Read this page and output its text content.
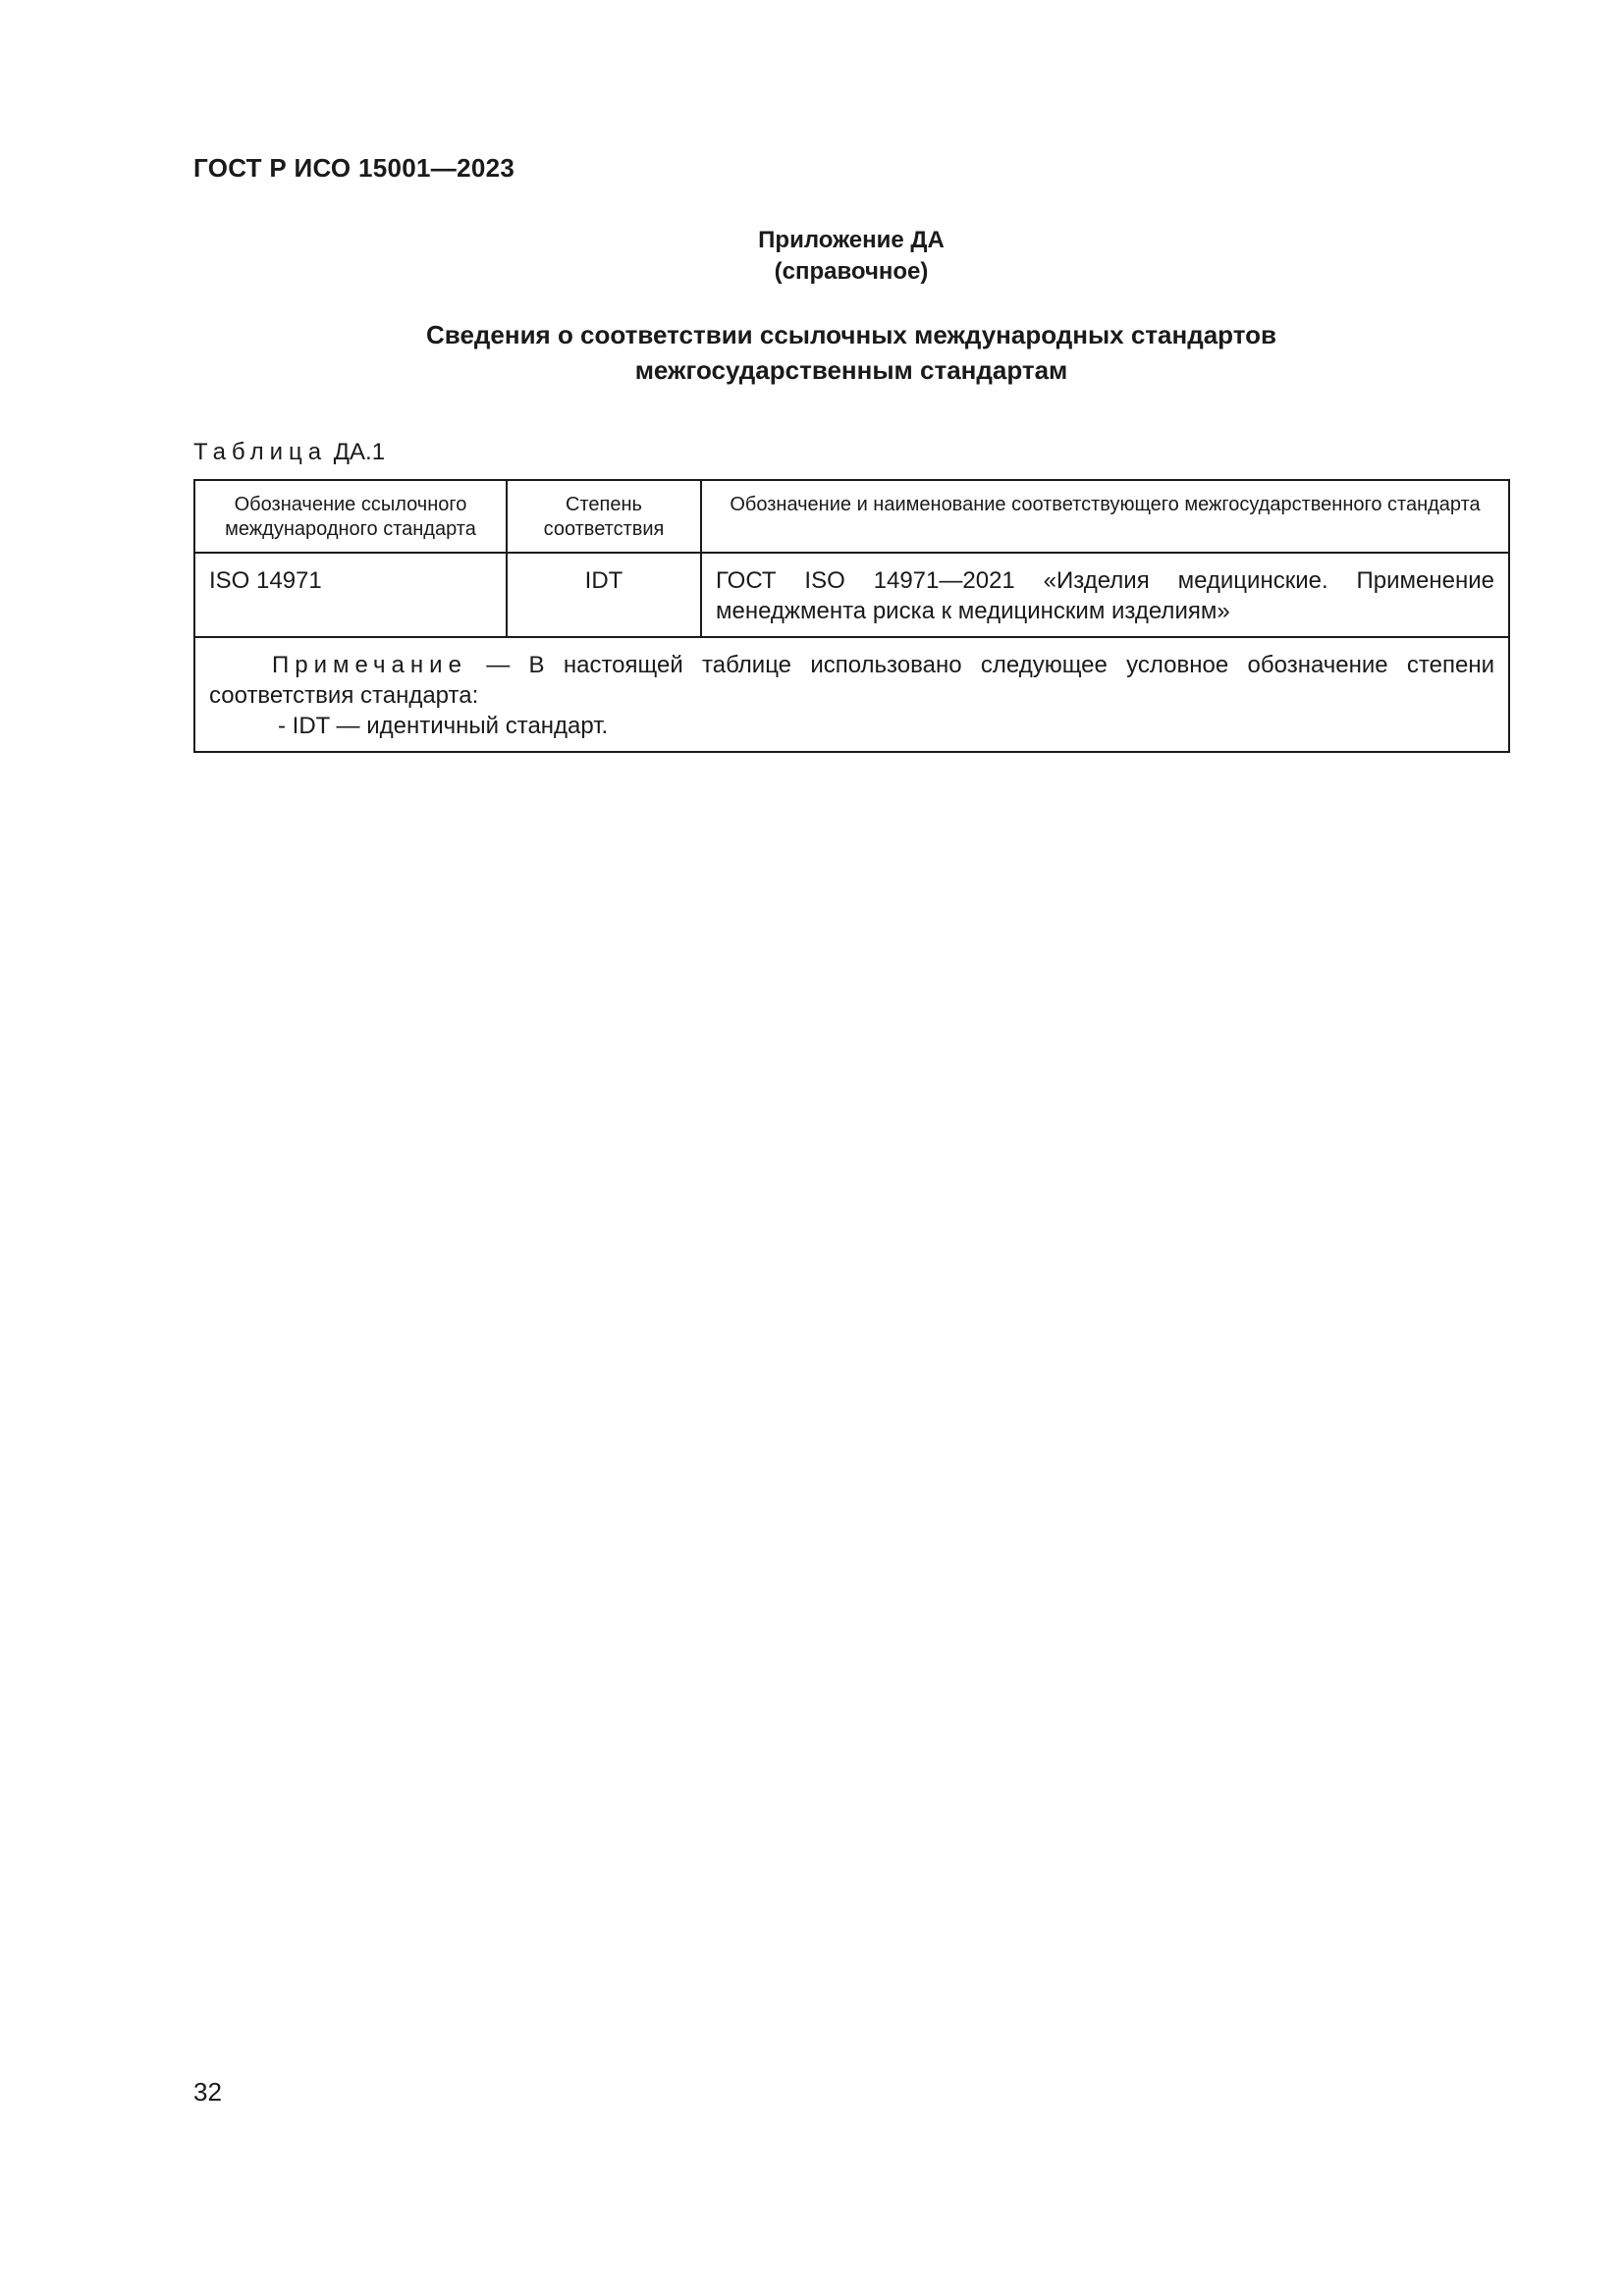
ГОСТ Р ИСО 15001—2023
Приложение ДА
(справочное)
Сведения о соответствии ссылочных международных стандартов
межгосударственным стандартам
Таблица ДА.1
Обозначение ссылочного международного стандарта	Степень соответствия	Обозначение и наименование соответствующего межгосударственного стандарта
ISO 14971	IDT	ГОСТ ISO 14971—2021 «Изделия медицинские. Применение менеджмента риска к медицинским изделиям»

Примечание — В настоящей таблице использовано следующее условное обозначение степени соответствия стандарта:
- IDT — идентичный стандарт.		
32
